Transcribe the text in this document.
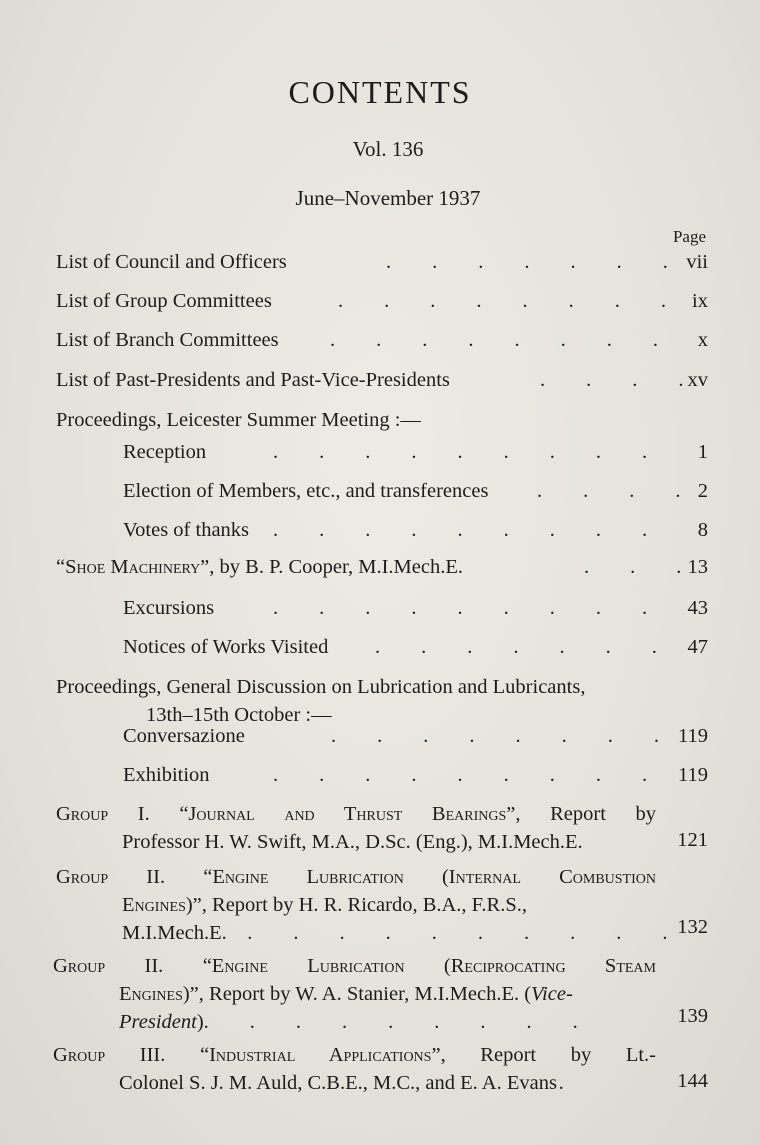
CONTENTS
Vol. 136
June–November 1937
Page
List of Council and Officers	.  .  .  .  .  .  . vii
List of Group Committees	.  .  .  .  .  .  .  . ix
List of Branch Committees	.  .  .  .  .  .  .  . x
List of Past-Presidents and Past-Vice-Presidents	.  .  .  . xv
Proceedings, Leicester Summer Meeting :—
Reception	.  .  .  .  .  .  .  .  . 1
Election of Members, etc., and transferences .  .  .  . 2
Votes of thanks .  .  .  .  .  .  .  .  . 8
“Shoe Machinery”, by B. P. Cooper, M.I.Mech.E.	.  .  . 13
Excursions	.  .  .  .  .  .  .  .  . 43
Notices of Works Visited .  .  .  .  .  .  . 47
Proceedings, General Discussion on Lubrication and Lubricants,
13th–15th October :—
Conversazione	.  .  .  .  .  .  .  . 119
Exhibition	.  .  .  .  .  .  .  .  . 119
Group I. “Journal and Thrust Bearings”, Report by
Professor H. W. Swift, M.A., D.Sc. (Eng.), M.I.Mech.E.	121
Group II. “Engine Lubrication (Internal Combustion
Engines)”, Report by H. R. Ricardo, B.A., F.R.S.,
M.I.Mech.E. .  .  .  .  .  .  .  .  .  . 132
Group II. “Engine Lubrication (Reciprocating Steam
Engines)”, Report by W. A. Stanier, M.I.Mech.E. (Vice-
President).  .  .  .  .  .  .  .  .	139
Group III. “Industrial Applications”, Report by Lt.-
Colonel S. J. M. Auld, C.B.E., M.C., and E. A. Evans .	144
